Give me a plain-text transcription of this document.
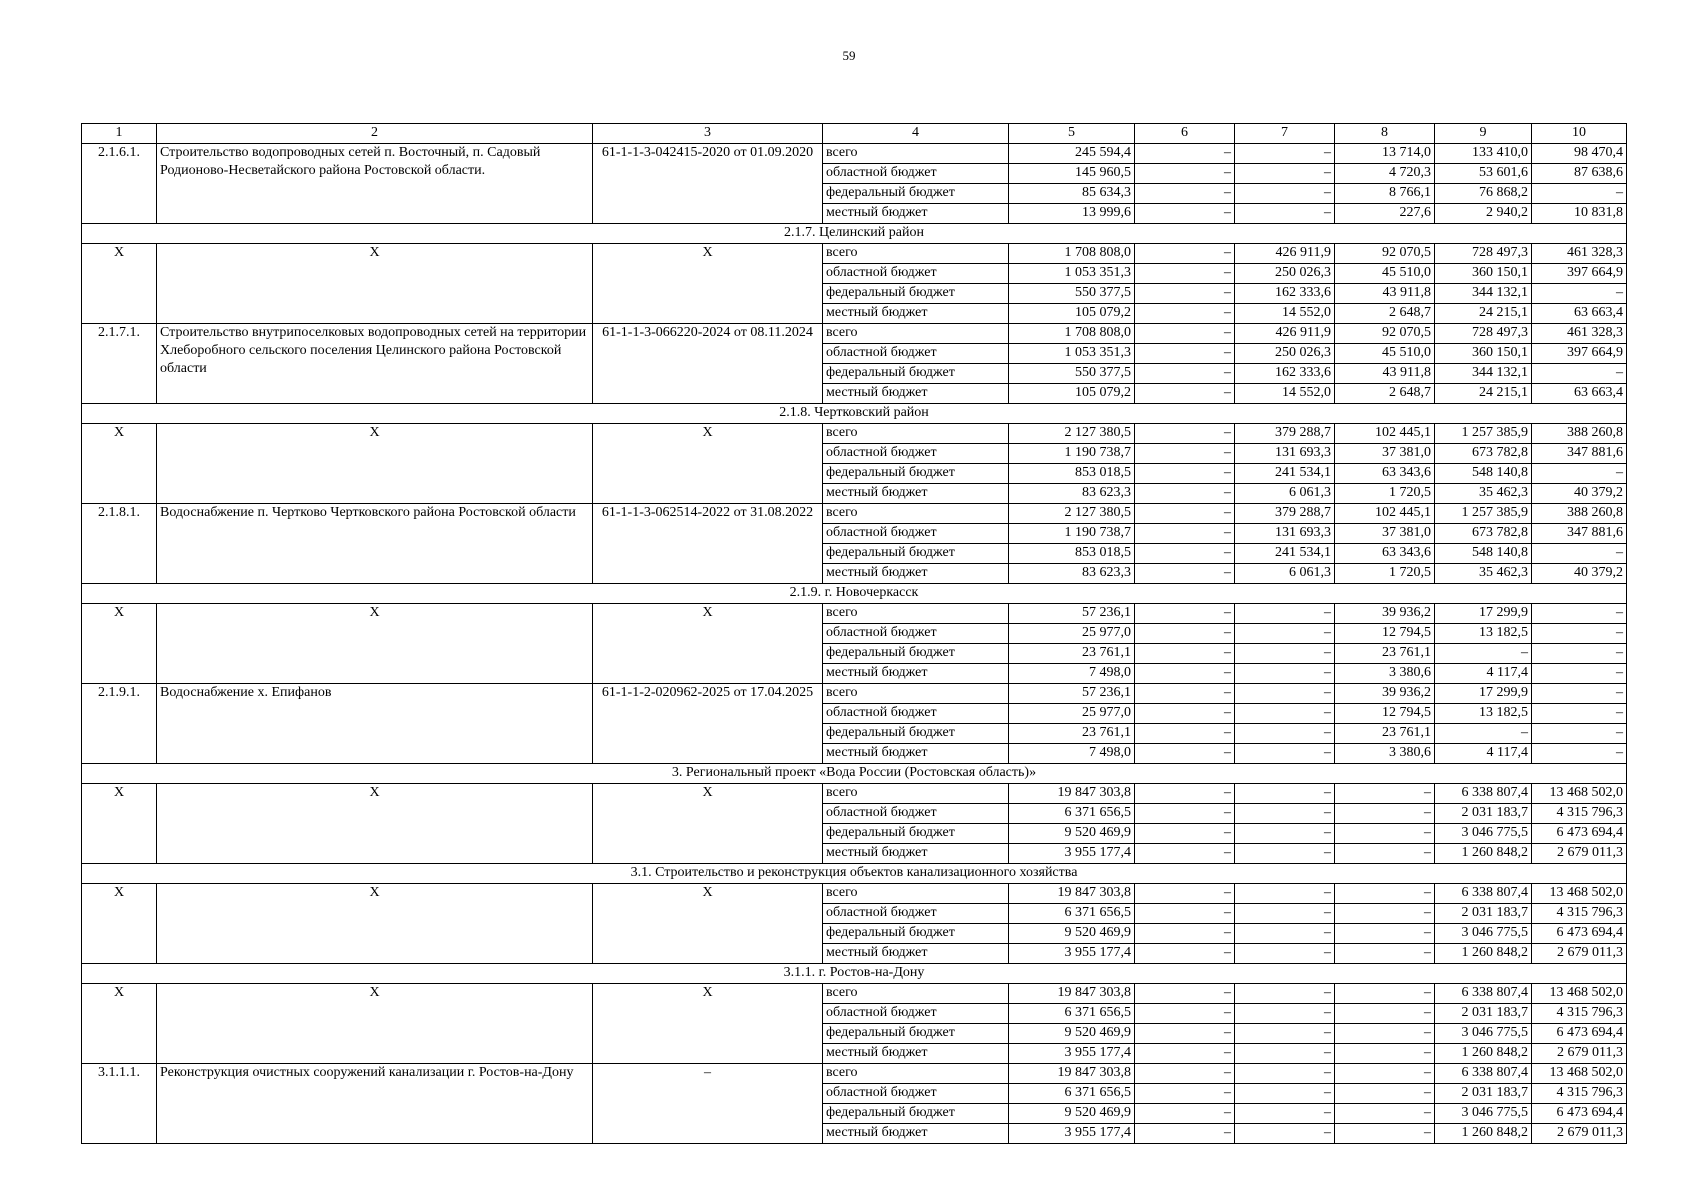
59
1	2	3	4	5	6	7	8	9	10
2.1.6.1.	Строительство водопроводных сетей п. Восточный, п. Садовый Родионово-Несветайского района Ростовской области.	61-1-1-3-042415-2020 от 01.09.2020	всего	245 594,4	–	–	13 714,0	133 410,0	98 470,4
			областной бюджет	145 960,5	–	–	4 720,3	53 601,6	87 638,6
			федеральный бюджет	85 634,3	–	–	8 766,1	76 868,2	–
			местный бюджет	13 999,6	–	–	227,6	2 940,2	10 831,8
2.1.7. Целинский район									
Х	Х	Х	всего	1 708 808,0	–	426 911,9	92 070,5	728 497,3	461 328,3
			областной бюджет	1 053 351,3	–	250 026,3	45 510,0	360 150,1	397 664,9
			федеральный бюджет	550 377,5	–	162 333,6	43 911,8	344 132,1	–
			местный бюджет	105 079,2	–	14 552,0	2 648,7	24 215,1	63 663,4
2.1.7.1.	Строительство внутрипоселковых водопроводных сетей на территории Хлеборобного сельского поселения Целинского района Ростовской области	61-1-1-3-066220-2024 от 08.11.2024	всего	1 708 808,0	–	426 911,9	92 070,5	728 497,3	461 328,3
			областной бюджет	1 053 351,3	–	250 026,3	45 510,0	360 150,1	397 664,9
			федеральный бюджет	550 377,5	–	162 333,6	43 911,8	344 132,1	–
			местный бюджет	105 079,2	–	14 552,0	2 648,7	24 215,1	63 663,4
2.1.8. Чертковский район									
Х	Х	Х	всего	2 127 380,5	–	379 288,7	102 445,1	1 257 385,9	388 260,8
			областной бюджет	1 190 738,7	–	131 693,3	37 381,0	673 782,8	347 881,6
			федеральный бюджет	853 018,5	–	241 534,1	63 343,6	548 140,8	–
			местный бюджет	83 623,3	–	6 061,3	1 720,5	35 462,3	40 379,2
2.1.8.1.	Водоснабжение п. Чертково Чертковского района Ростовской области	61-1-1-3-062514-2022 от 31.08.2022	всего	2 127 380,5	–	379 288,7	102 445,1	1 257 385,9	388 260,8
			областной бюджет	1 190 738,7	–	131 693,3	37 381,0	673 782,8	347 881,6
			федеральный бюджет	853 018,5	–	241 534,1	63 343,6	548 140,8	–
			местный бюджет	83 623,3	–	6 061,3	1 720,5	35 462,3	40 379,2
2.1.9. г. Новочеркасск									
Х	Х	Х	всего	57 236,1	–	–	39 936,2	17 299,9	–
			областной бюджет	25 977,0	–	–	12 794,5	13 182,5	–
			федеральный бюджет	23 761,1	–	–	23 761,1	–	–
			местный бюджет	7 498,0	–	–	3 380,6	4 117,4	–
2.1.9.1.	Водоснабжение х. Епифанов	61-1-1-2-020962-2025 от 17.04.2025	всего	57 236,1	–	–	39 936,2	17 299,9	–
			областной бюджет	25 977,0	–	–	12 794,5	13 182,5	–
			федеральный бюджет	23 761,1	–	–	23 761,1	–	–
			местный бюджет	7 498,0	–	–	3 380,6	4 117,4	–
3. Региональный проект «Вода России (Ростовская область)»									
Х	Х	Х	всего	19 847 303,8	–	–	–	6 338 807,4	13 468 502,0
			областной бюджет	6 371 656,5	–	–	–	2 031 183,7	4 315 796,3
			федеральный бюджет	9 520 469,9	–	–	–	3 046 775,5	6 473 694,4
			местный бюджет	3 955 177,4	–	–	–	1 260 848,2	2 679 011,3
3.1. Строительство и реконструкция объектов канализационного хозяйства									
Х	Х	Х	всего	19 847 303,8	–	–	–	6 338 807,4	13 468 502,0
			областной бюджет	6 371 656,5	–	–	–	2 031 183,7	4 315 796,3
			федеральный бюджет	9 520 469,9	–	–	–	3 046 775,5	6 473 694,4
			местный бюджет	3 955 177,4	–	–	–	1 260 848,2	2 679 011,3
3.1.1. г. Ростов-на-Дону									
Х	Х	Х	всего	19 847 303,8	–	–	–	6 338 807,4	13 468 502,0
			областной бюджет	6 371 656,5	–	–	–	2 031 183,7	4 315 796,3
			федеральный бюджет	9 520 469,9	–	–	–	3 046 775,5	6 473 694,4
			местный бюджет	3 955 177,4	–	–	–	1 260 848,2	2 679 011,3
3.1.1.1.	Реконструкция очистных сооружений канализации г. Ростов-на-Дону	–	всего	19 847 303,8	–	–	–	6 338 807,4	13 468 502,0
			областной бюджет	6 371 656,5	–	–	–	2 031 183,7	4 315 796,3
			федеральный бюджет	9 520 469,9	–	–	–	3 046 775,5	6 473 694,4
			местный бюджет	3 955 177,4	–	–	–	1 260 848,2	2 679 011,3
